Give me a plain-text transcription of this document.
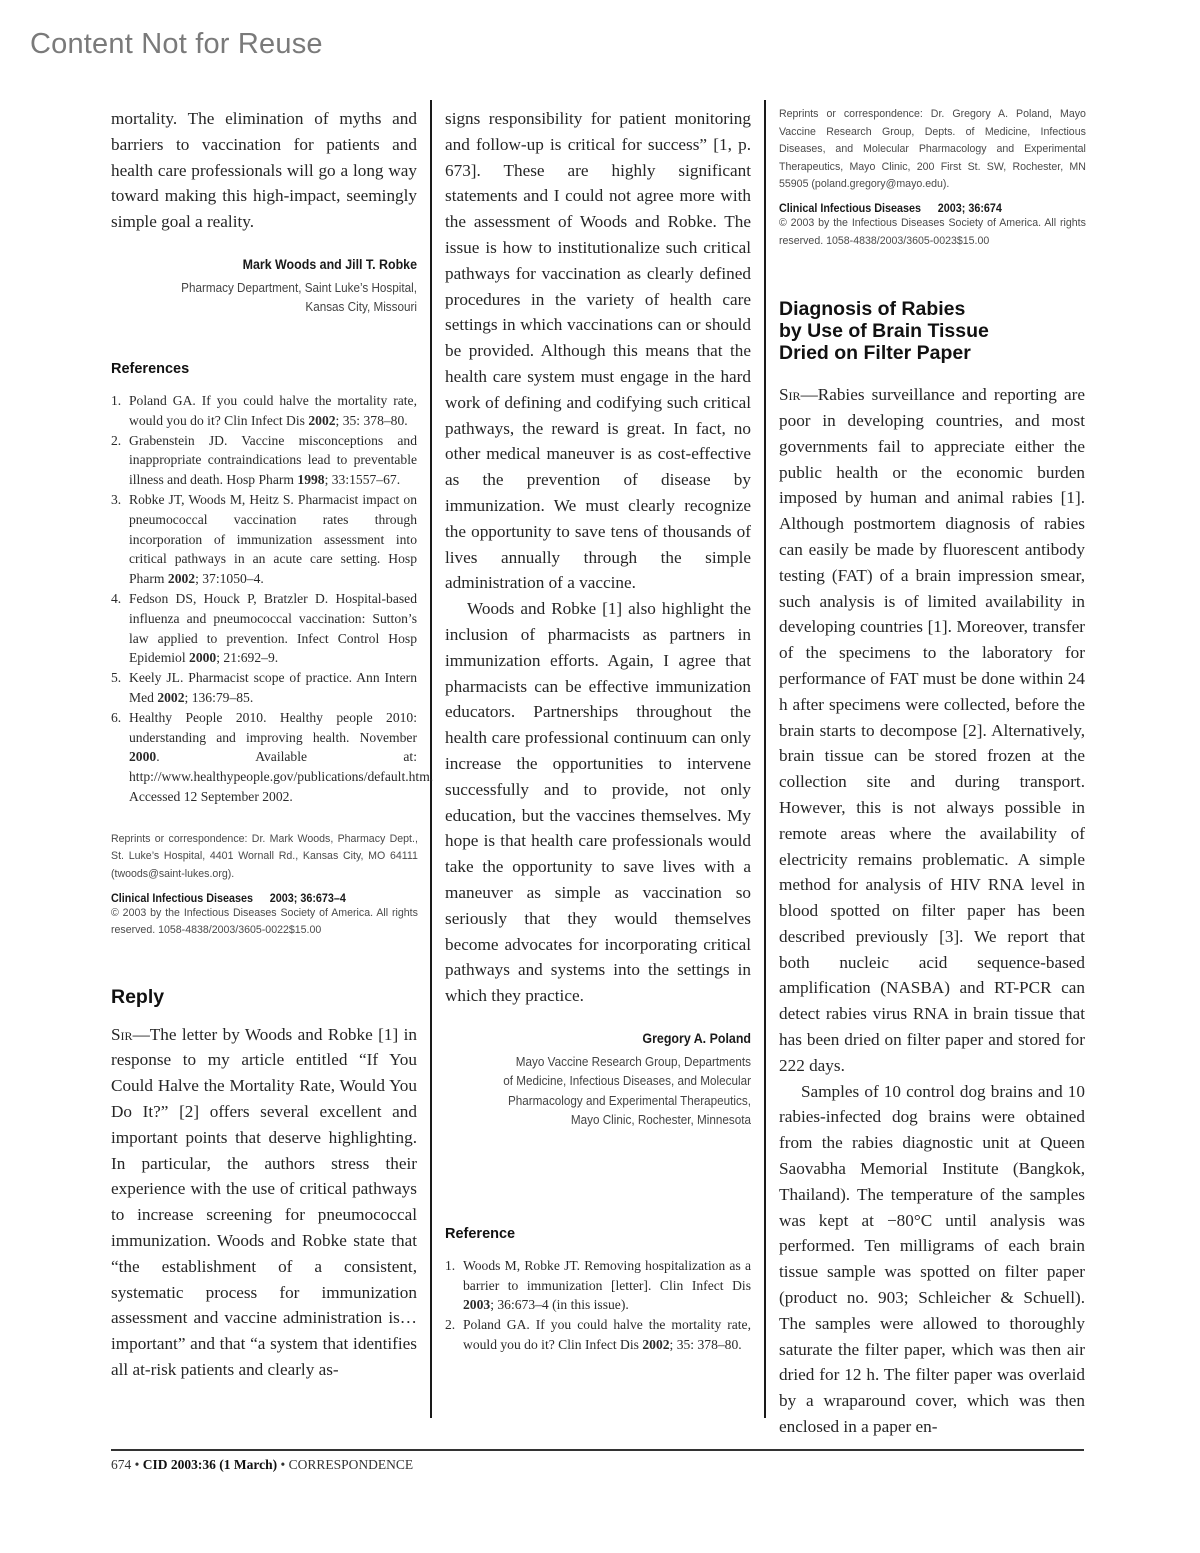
Content Not for Reuse

mortality. The elimination of myths and barriers to vaccination for patients and health care professionals will go a long way toward making this high-impact, seemingly simple goal a reality.

Mark Woods and Jill T. Robke

Pharmacy Department, Saint Luke’s Hospital,

Kansas City, Missouri

References

1. Poland GA. If you could halve the mortality rate, would you do it? Clin Infect Dis 2002; 35: 378–80.
2. Grabenstein JD. Vaccine misconceptions and inappropriate contraindications lead to preventable illness and death. Hosp Pharm 1998; 33:1557–67.
3. Robke JT, Woods M, Heitz S. Pharmacist impact on pneumococcal vaccination rates through incorporation of immunization assessment into critical pathways in an acute care setting. Hosp Pharm 2002; 37:1050–4.
4. Fedson DS, Houck P, Bratzler D. Hospital-based influenza and pneumococcal vaccination: Sutton’s law applied to prevention. Infect Control Hosp Epidemiol 2000; 21:692–9.
5. Keely JL. Pharmacist scope of practice. Ann Intern Med 2002; 136:79–85.
6. Healthy People 2010. Healthy people 2010: understanding and improving health. November 2000. Available at: http://www.healthypeople.gov/publications/default.htm. Accessed 12 September 2002.

Reprints or correspondence: Dr. Mark Woods, Pharmacy Dept., St. Luke’s Hospital, 4401 Wornall Rd., Kansas City, MO 64111 (twoods@saint-lukes.org).

Clinical Infectious Diseases 2003; 36:673–4

© 2003 by the Infectious Diseases Society of America. All rights reserved. 1058-4838/2003/3605-0022$15.00

Reply

Sir—The letter by Woods and Robke [1] in response to my article entitled “If You Could Halve the Mortality Rate, Would You Do It?” [2] offers several excellent and important points that deserve highlighting. In particular, the authors stress their experience with the use of critical pathways to increase screening for pneumococcal immunization. Woods and Robke state that “the establishment of a consistent, systematic process for immunization assessment and vaccine administration is…important” and that “a system that identifies all at-risk patients and clearly as-

signs responsibility for patient monitoring and follow-up is critical for success” [1, p. 673]. These are highly significant statements and I could not agree more with the assessment of Woods and Robke. The issue is how to institutionalize such critical pathways for vaccination as clearly defined procedures in the variety of health care settings in which vaccinations can or should be provided. Although this means that the health care system must engage in the hard work of defining and codifying such critical pathways, the reward is great. In fact, no other medical maneuver is as cost-effective as the prevention of disease by immunization. We must clearly recognize the opportunity to save tens of thousands of lives annually through the simple administration of a vaccine.

Woods and Robke [1] also highlight the inclusion of pharmacists as partners in immunization efforts. Again, I agree that pharmacists can be effective immunization educators. Partnerships throughout the health care professional continuum can only increase the opportunities to intervene successfully and to provide, not only education, but the vaccines themselves. My hope is that health care professionals would take the opportunity to save lives with a maneuver as simple as vaccination so seriously that they would themselves become advocates for incorporating critical pathways and systems into the settings in which they practice.

Gregory A. Poland

Mayo Vaccine Research Group, Departments

of Medicine, Infectious Diseases, and Molecular

Pharmacology and Experimental Therapeutics,

Mayo Clinic, Rochester, Minnesota

Reference

1. Woods M, Robke JT. Removing hospitalization as a barrier to immunization [letter]. Clin Infect Dis 2003; 36:673–4 (in this issue).
2. Poland GA. If you could halve the mortality rate, would you do it? Clin Infect Dis 2002; 35: 378–80.

Reprints or correspondence: Dr. Gregory A. Poland, Mayo Vaccine Research Group, Depts. of Medicine, Infectious Diseases, and Molecular Pharmacology and Experimental Therapeutics, Mayo Clinic, 200 First St. SW, Rochester, MN 55905 (poland.gregory@mayo.edu).

Clinical Infectious Diseases 2003; 36:674

© 2003 by the Infectious Diseases Society of America. All rights reserved. 1058-4838/2003/3605-0023$15.00

Diagnosis of Rabies

by Use of Brain Tissue

Dried on Filter Paper

Sir—Rabies surveillance and reporting are poor in developing countries, and most governments fail to appreciate either the public health or the economic burden imposed by human and animal rabies [1]. Although postmortem diagnosis of rabies can easily be made by fluorescent antibody testing (FAT) of a brain impression smear, such analysis is of limited availability in developing countries [1]. Moreover, transfer of the specimens to the laboratory for performance of FAT must be done within 24 h after specimens were collected, before the brain starts to decompose [2]. Alternatively, brain tissue can be stored frozen at the collection site and during transport. However, this is not always possible in remote areas where the availability of electricity remains problematic. A simple method for analysis of HIV RNA level in blood spotted on filter paper has been described previously [3]. We report that both nucleic acid sequence-based amplification (NASBA) and RT-PCR can detect rabies virus RNA in brain tissue that has been dried on filter paper and stored for 222 days.

Samples of 10 control dog brains and 10 rabies-infected dog brains were obtained from the rabies diagnostic unit at Queen Saovabha Memorial Institute (Bangkok, Thailand). The temperature of the samples was kept at −80°C until analysis was performed. Ten milligrams of each brain tissue sample was spotted on filter paper (product no. 903; Schleicher & Schuell). The samples were allowed to thoroughly saturate the filter paper, which was then air dried for 12 h. The filter paper was overlaid by a wraparound cover, which was then enclosed in a paper en-

674 • CID 2003:36 (1 March) • CORRESPONDENCE
